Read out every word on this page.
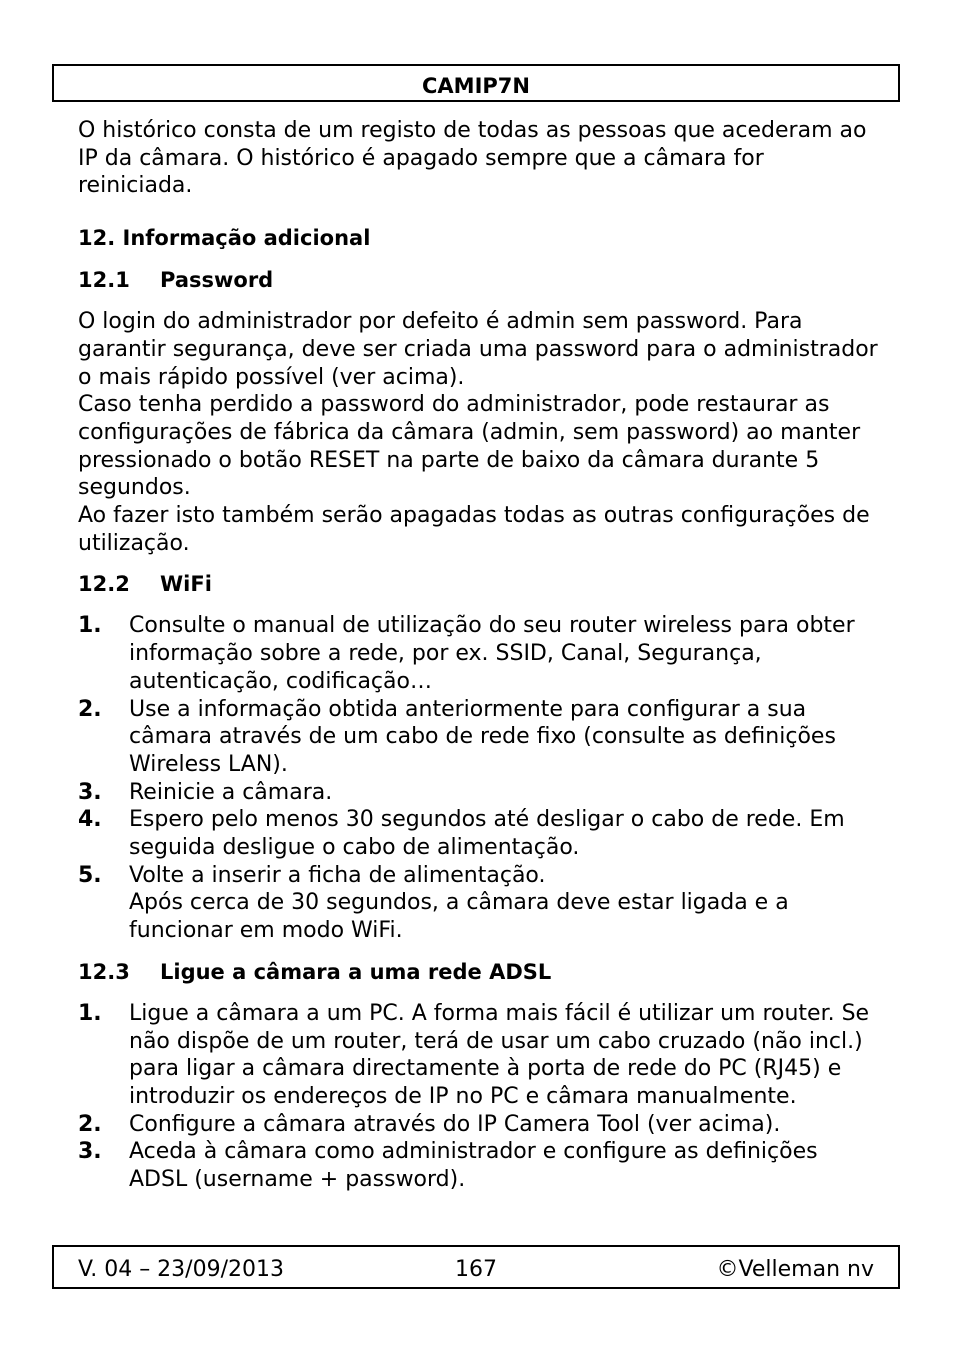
CAMIP7N

O histórico consta de um registo de todas as pessoas que acederam ao IP da câmara. O histórico é apagado sempre que a câmara for reiniciada.

12. Informação adicional
12.1 Password

O login do administrador por defeito é admin sem password. Para garantir segurança, deve ser criada uma password para o administrador o mais rápido possível (ver acima).

Caso tenha perdido a password do administrador, pode restaurar as configurações de fábrica da câmara (admin, sem password) ao manter pressionado o botão RESET na parte de baixo da câmara durante 5 segundos.

Ao fazer isto também serão apagadas todas as outras configurações de utilização.

12.2 WiFi
1.	Consulte o manual de utilização do seu router wireless para obter informação sobre a rede, por ex. SSID, Canal, Segurança, autenticação, codificação…
2.	Use a informação obtida anteriormente para configurar a sua câmara através de um cabo de rede fixo (consulte as definições Wireless LAN).
3.	Reinicie a câmara.
4.	Espero pelo menos 30 segundos até desligar o cabo de rede. Em seguida desligue o cabo de alimentação.
5.	Volte a inserir a ficha de alimentação.
Após cerca de 30 segundos, a câmara deve estar ligada e a funcionar em modo WiFi.
12.3 Ligue a câmara a uma rede ADSL
1.	Ligue a câmara a um PC. A forma mais fácil é utilizar um router. Se não dispõe de um router, terá de usar um cabo cruzado (não incl.) para ligar a câmara directamente à porta de rede do PC (RJ45) e introduzir os endereços de IP no PC e câmara manualmente.
2.	Configure a câmara através do IP Camera Tool (ver acima).
3.	Aceda à câmara como administrador e configure as definições ADSL (username + password).
V. 04 – 23/09/2013	167	©Velleman nv
